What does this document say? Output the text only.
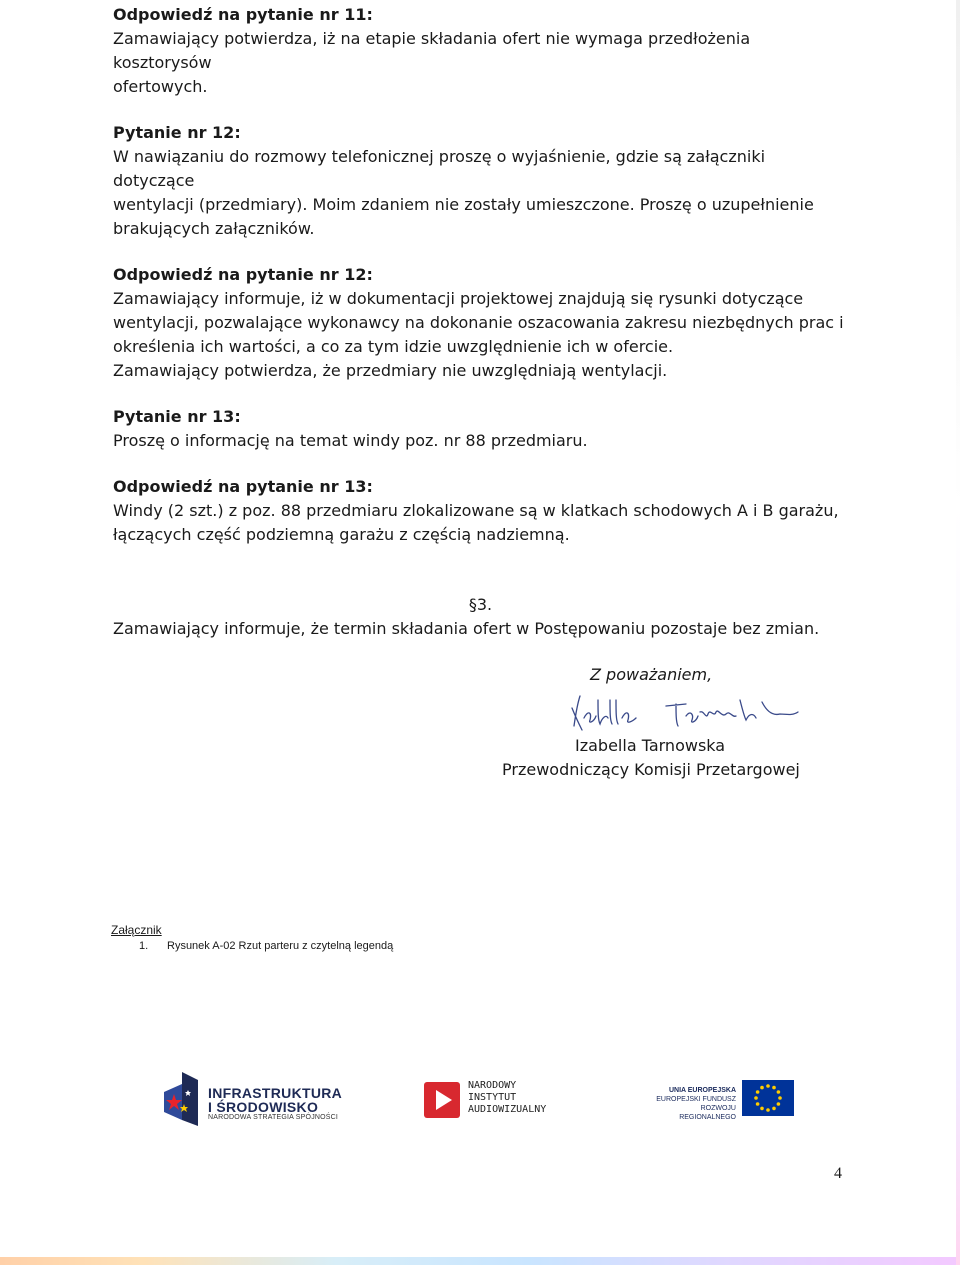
Odpowiedź na pytanie nr 11:

Zamawiający potwierdza, iż na etapie składania ofert nie wymaga przedłożenia kosztorysów

ofertowych.

Pytanie nr 12:

W nawiązaniu do rozmowy telefonicznej proszę o wyjaśnienie, gdzie są załączniki dotyczące

wentylacji (przedmiary). Moim zdaniem nie zostały umieszczone. Proszę o uzupełnienie

brakujących załączników.

Odpowiedź na pytanie nr 12:

Zamawiający informuje, iż w dokumentacji projektowej znajdują się rysunki dotyczące

wentylacji, pozwalające wykonawcy na dokonanie oszacowania zakresu niezbędnych prac i

określenia ich wartości, a co za tym idzie uwzględnienie ich w ofercie.

Zamawiający potwierdza, że przedmiary nie uwzględniają wentylacji.

Pytanie nr 13:

Proszę o informację na temat windy poz. nr 88 przedmiaru.

Odpowiedź na pytanie nr 13:

Windy (2 szt.) z poz. 88 przedmiaru zlokalizowane są w klatkach schodowych A i B garażu,

łączących część podziemną garażu z częścią nadziemną.

§3.

Zamawiający informuje, że termin składania ofert w Postępowaniu pozostaje bez zmian.

Z poważaniem,
Izabella Tarnowska
Przewodniczący Komisji Przetargowej
Załącznik
1. Rysunek A-02 Rzut parteru z czytelną legendą
INFRASTRUKTURA
I ŚRODOWISKO
NARODOWA STRATEGIA SPÓJNOŚCI
NARODOWY
INSTYTUT
AUDIOWIZUALNY
UNIA EUROPEJSKA
EUROPEJSKI FUNDUSZ
ROZWOJU REGIONALNEGO
4
